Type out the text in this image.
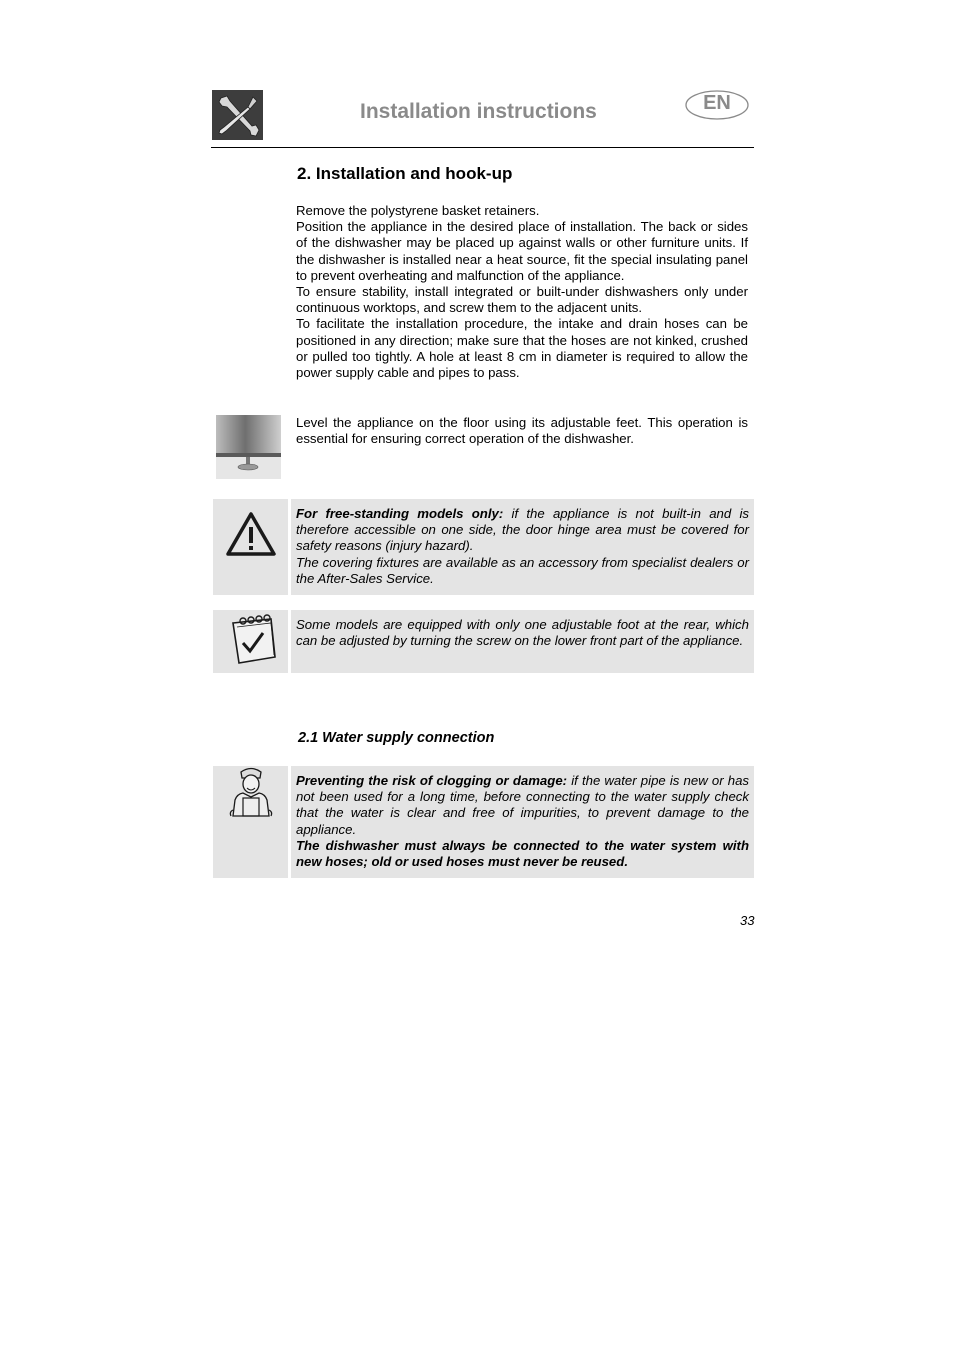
Installation instructions	EN
2. Installation and hook-up

Remove the polystyrene basket retainers.

Position the appliance in the desired place of installation. The back or sides of the dishwasher may be placed up against walls or other furniture units. If the dishwasher is installed near a heat source, fit the special insulating panel to prevent overheating and malfunction of the appliance.

To ensure stability, install integrated or built-under dishwashers only under continuous worktops, and screw them to the adjacent units.

To facilitate the installation procedure, the intake and drain hoses can be positioned in any direction; make sure that the hoses are not kinked, crushed or pulled too tightly. A hole at least 8 cm in diameter is required to allow the power supply cable and pipes to pass.

Level the appliance on the floor using its adjustable feet. This operation is essential for ensuring correct operation of the dishwasher.

For free-standing models only: if the appliance is not built-in and is therefore accessible on one side, the door hinge area must be covered for safety reasons (injury hazard).

The covering fixtures are available as an accessory from specialist dealers or the After-Sales Service.

Some models are equipped with only one adjustable foot at the rear, which can be adjusted by turning the screw on the lower front part of the appliance.

2.1 Water supply connection

Preventing the risk of clogging or damage: if the water pipe is new or has not been used for a long time, before connecting to the water supply check that the water is clear and free of impurities, to prevent damage to the appliance.

The dishwasher must always be connected to the water system with new hoses; old or used hoses must never be reused.

33
